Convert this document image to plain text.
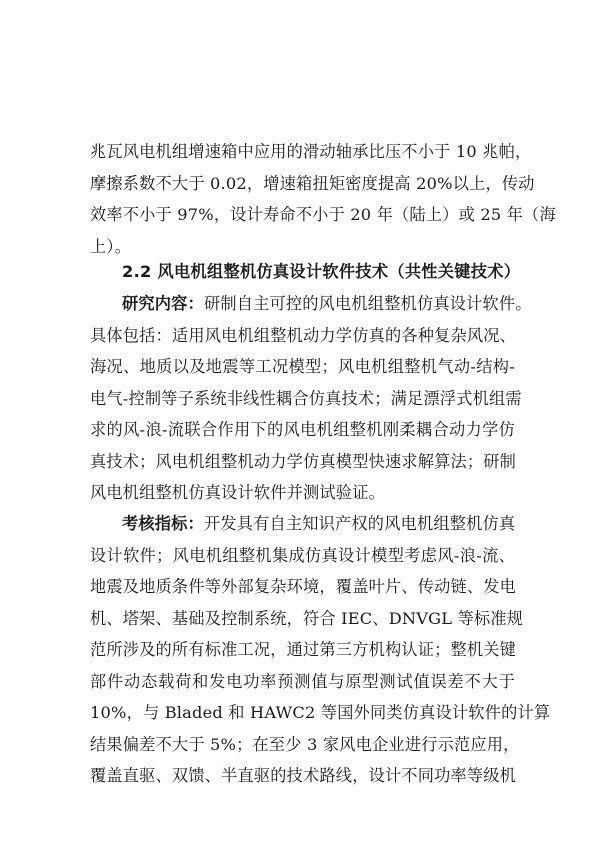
兆瓦风电机组增速箱中应用的滑动轴承比压不小于 10 兆帕，
摩擦系数不大于 0.02，增速箱扭矩密度提高 20%以上，传动
效率不小于 97%，设计寿命不小于 20 年（陆上）或 25 年（海
上）。
2.2 风电机组整机仿真设计软件技术（共性关键技术）
研究内容：研制自主可控的风电机组整机仿真设计软件。
具体包括：适用风电机组整机动力学仿真的各种复杂风况、
海况、地质以及地震等工况模型；风电机组整机气动-结构-
电气-控制等子系统非线性耦合仿真技术；满足漂浮式机组需
求的风-浪-流联合作用下的风电机组整机刚柔耦合动力学仿
真技术；风电机组整机动力学仿真模型快速求解算法；研制
风电机组整机仿真设计软件并测试验证。
考核指标：开发具有自主知识产权的风电机组整机仿真
设计软件；风电机组整机集成仿真设计模型考虑风-浪-流、
地震及地质条件等外部复杂环境，覆盖叶片、传动链、发电
机、塔架、基础及控制系统，符合 IEC、DNVGL 等标准规
范所涉及的所有标准工况，通过第三方机构认证；整机关键
部件动态载荷和发电功率预测值与原型测试值误差不大于
10%，与 Bladed 和 HAWC2 等国外同类仿真设计软件的计算
结果偏差不大于 5%；在至少 3 家风电企业进行示范应用，
覆盖直驱、双馈、半直驱的技术路线，设计不同功率等级机
